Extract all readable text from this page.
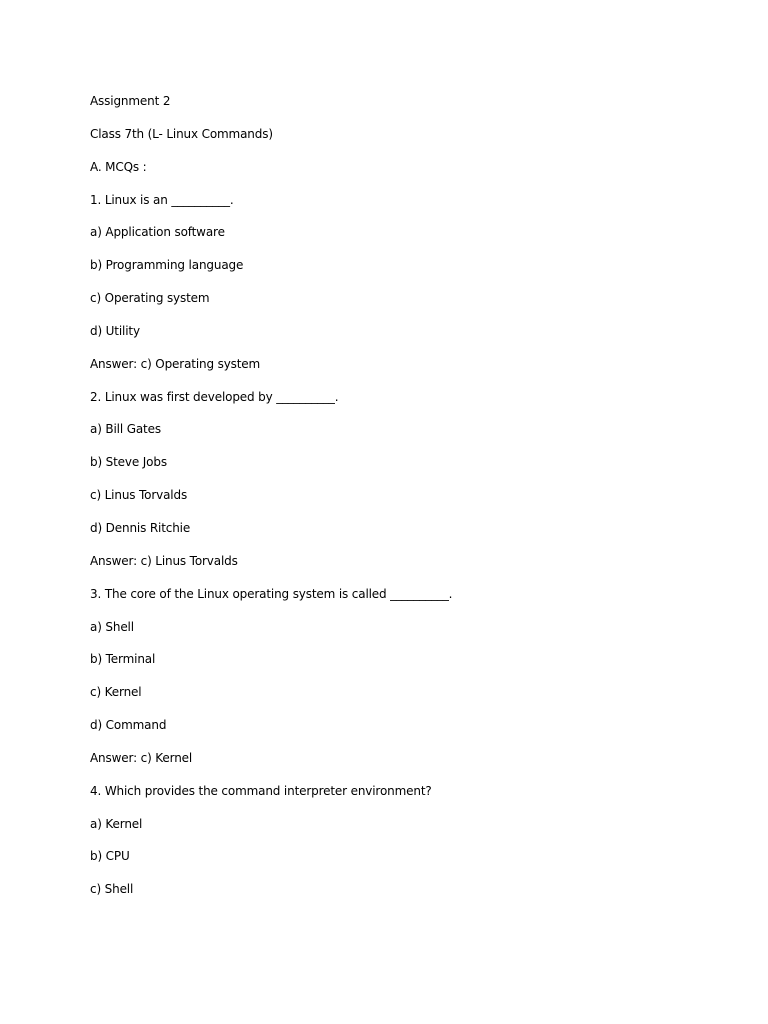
Assignment 2
Class 7th (L- Linux Commands)
A. MCQs :
1. Linux is an __________.
a) Application software
b) Programming language
c) Operating system
d) Utility
Answer: c) Operating system
2. Linux was first developed by __________.
a) Bill Gates
b) Steve Jobs
c) Linus Torvalds
d) Dennis Ritchie
Answer: c) Linus Torvalds
3. The core of the Linux operating system is called __________.
a) Shell
b) Terminal
c) Kernel
d) Command
Answer: c) Kernel
4. Which provides the command interpreter environment?
a) Kernel
b) CPU
c) Shell
